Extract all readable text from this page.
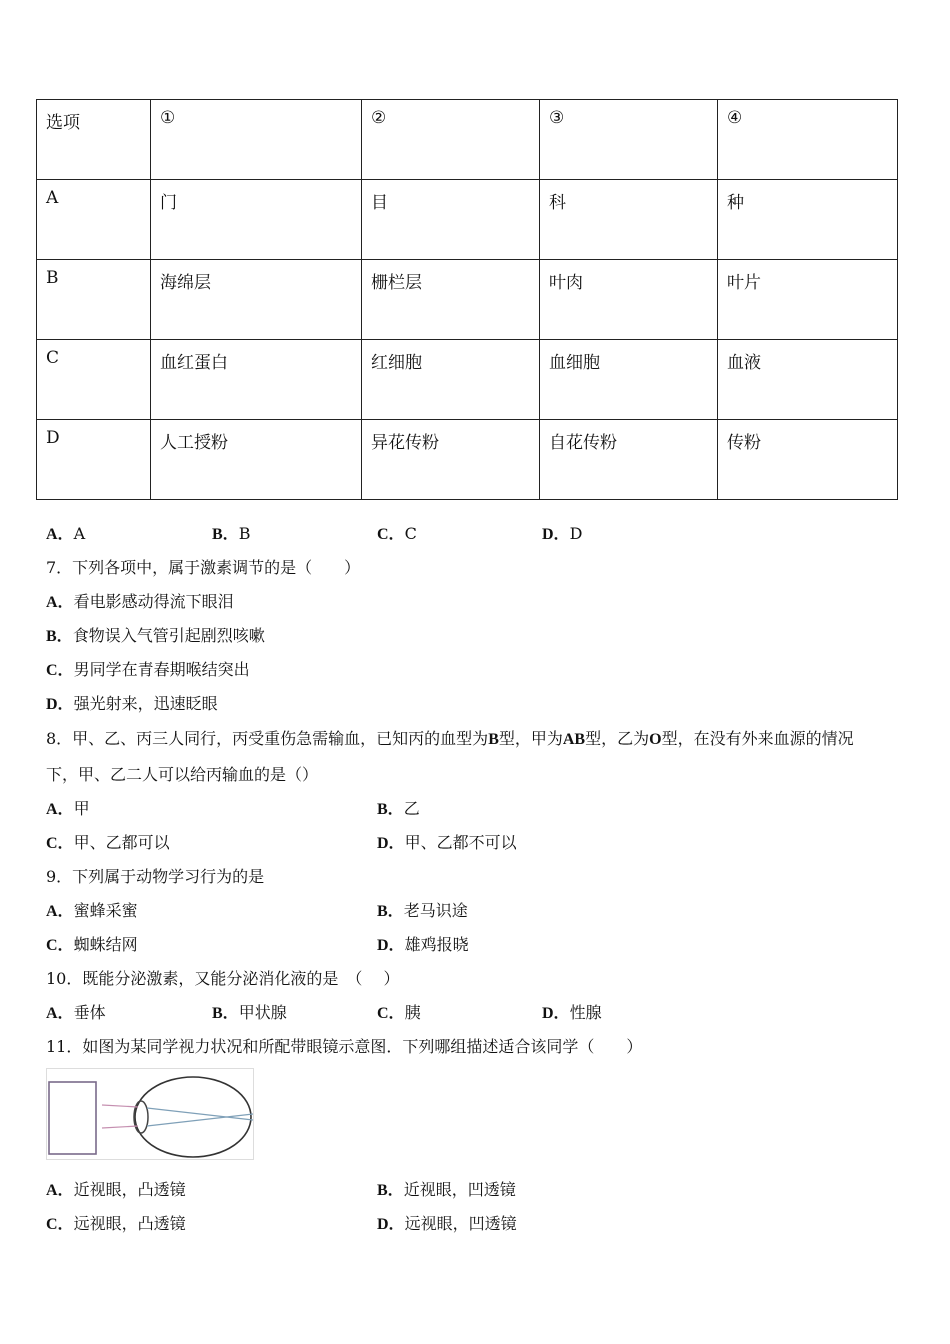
选项	①	②	③	④
A	门	目	科	种
B	海绵层	栅栏层	叶肉	叶片
C	血红蛋白	红细胞	血细胞	血液
D	人工授粉	异花传粉	自花传粉	传粉
A．A	B．B	C．C	D．D
7．下列各项中，属于激素调节的是（　　）
A．看电影感动得流下眼泪
B．食物误入气管引起剧烈咳嗽
C．男同学在青春期喉结突出
D．强光射来，迅速眨眼
8．甲、乙、丙三人同行，丙受重伤急需输血，已知丙的血型为B型，甲为AB型，乙为O型，在没有外来血源的情况
下，甲、乙二人可以给丙输血的是（）
A．甲	B．乙
C．甲、乙都可以	D．甲、乙都不可以
9．下列属于动物学习行为的是
A．蜜蜂采蜜	B．老马识途
C．蜘蛛结网	D．雄鸡报晓
10．既能分泌激素，又能分泌消化液的是　（　 ）
A．垂体	B．甲状腺	C．胰	D．性腺
11．如图为某同学视力状况和所配带眼镜示意图．下列哪组描述适合该同学（　　）
A．近视眼，凸透镜	B．近视眼，凹透镜
C．远视眼，凸透镜	D．远视眼，凹透镜
